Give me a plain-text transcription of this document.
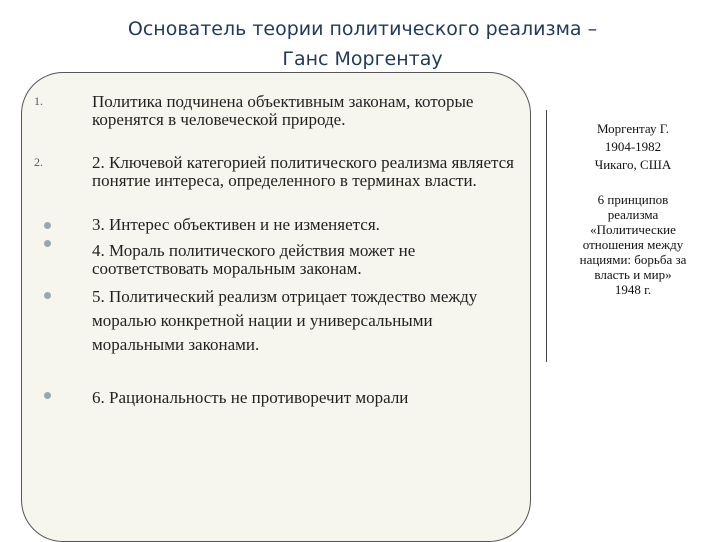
Основатель теории политического реализма –
Ганс Моргентау
1.
2.
Политика подчинена объективным законам, которые коренятся в человеческой природе.
2. Ключевой категорией политического реализма является понятие интереса, определенного в терминах власти.
3. Интерес объективен и не изменяется.
4. Мораль политического действия может не соответствовать моральным законам.
5. Политический реализм отрицает тождество между моралью конкретной нации и универсальными моральными законами.
6. Рациональность не противоречит морали
Моргентау Г.
1904-1982
Чикаго, США
6 принципов
реализма
«Политические
отношения между
нациями: борьба за
власть и мир»
1948 г.
